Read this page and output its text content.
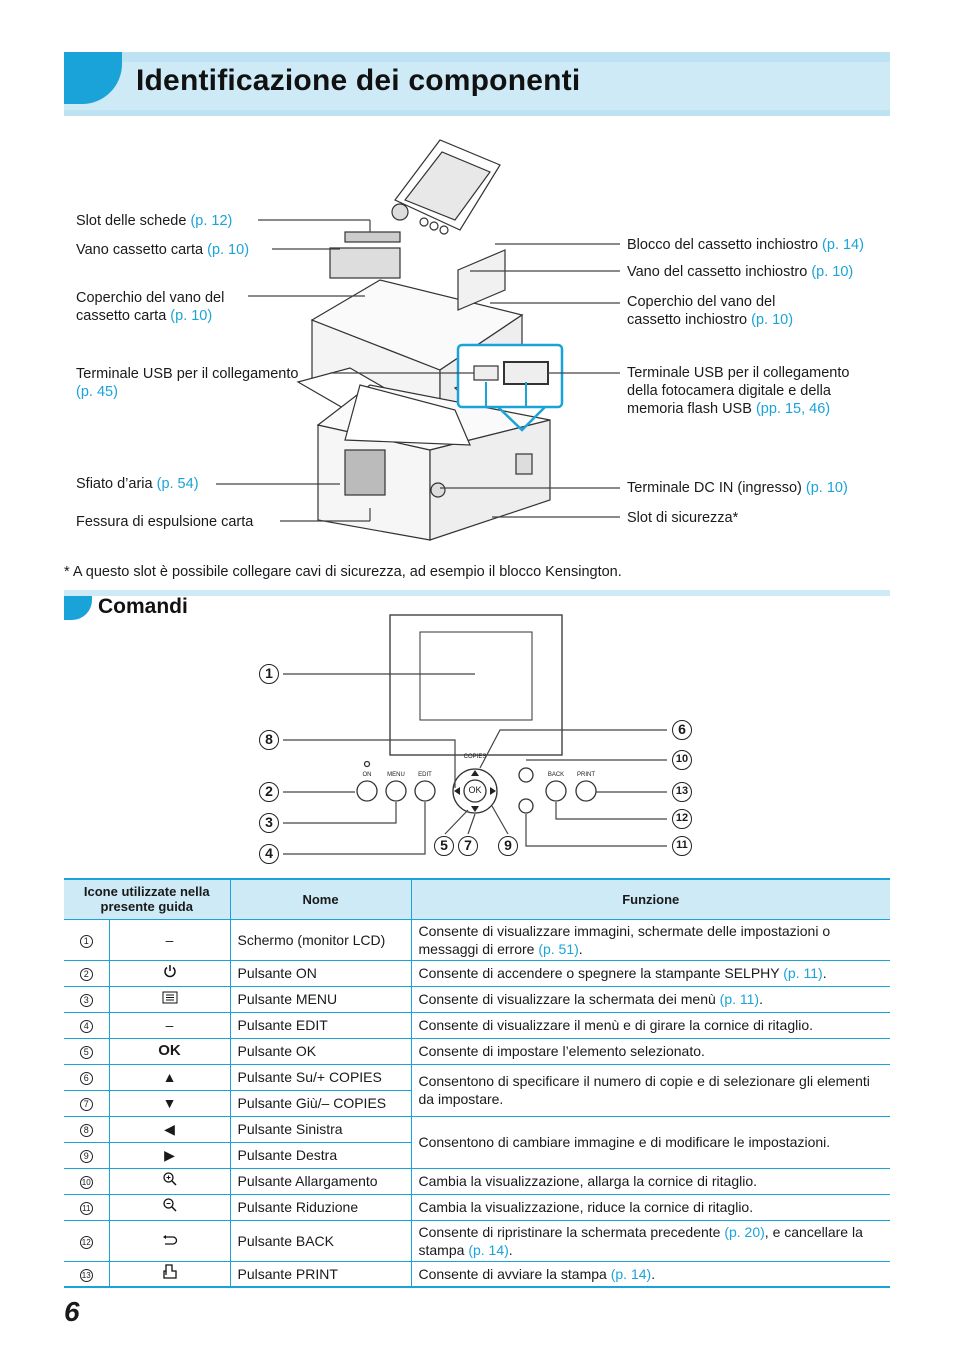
Identificazione dei componenti
Slot delle schede (p. 12)
Vano cassetto carta (p. 10)
Coperchio del vano del
cassetto carta (p. 10)
Terminale USB per il collegamento
(p. 45)
Sfiato d’aria (p. 54)
Fessura di espulsione carta
Blocco del cassetto inchiostro (p. 14)
Vano del cassetto inchiostro (p. 10)
Coperchio del vano del
cassetto inchiostro (p. 10)
Terminale USB per il collegamento
della fotocamera digitale e della
memoria flash USB (pp. 15, 46)
Terminale DC IN (ingresso) (p. 10)
Slot di sicurezza*
* A questo slot è possibile collegare cavi di sicurezza, ad esempio il blocco Kensington.
Comandi
ON	MENU	EDIT
COPIES
OK
BACK	PRINT
1
8
2
3
4
6
10
13
12
11
5	7	9
Icone utilizzate nella presente guida		Nome	Funzione
1	–	Schermo (monitor LCD)	Consente di visualizzare immagini, schermate delle impostazioni o messaggi di errore (p. 51).
2		Pulsante ON	Consente di accendere o spegnere la stampante SELPHY (p. 11).
3		Pulsante MENU	Consente di visualizzare la schermata dei menù (p. 11).
4	–	Pulsante EDIT	Consente di visualizzare il menù e di girare la cornice di ritaglio.
5	OK	Pulsante OK	Consente di impostare l’elemento selezionato.
6	▲	Pulsante Su/+ COPIES	Consentono di specificare il numero di copie e di selezionare gli elementi da impostare.
7	▼	Pulsante Giù/– COPIES	
8	◀	Pulsante Sinistra	Consentono di cambiare immagine e di modificare le impostazioni.
9	▶	Pulsante Destra	
10		Pulsante Allargamento	Cambia la visualizzazione, allarga la cornice di ritaglio.
11		Pulsante Riduzione	Cambia la visualizzazione, riduce la cornice di ritaglio.
12		Pulsante BACK	Consente di ripristinare la schermata precedente (p. 20), e cancellare la stampa (p. 14).
13		Pulsante PRINT	Consente di avviare la stampa (p. 14).
6
